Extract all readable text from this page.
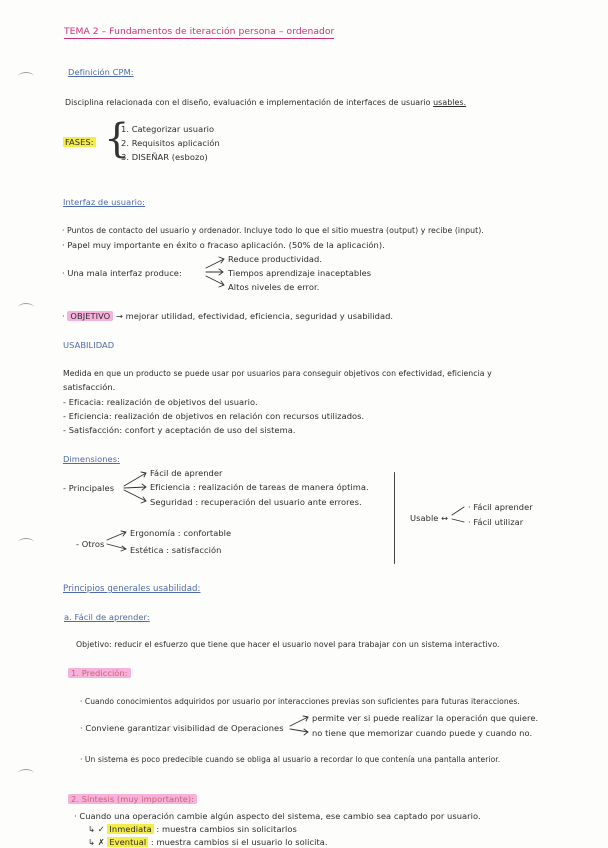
TEMA 2 – Fundamentos de iteracción persona – ordenador
Definición CPM:
Disciplina relacionada con el diseño, evaluación e implementación de interfaces de usuario usables.
FASES: {
1. Categorizar usuario
2. Requisitos aplicación
3. DISEÑAR (esbozo)
Interfaz de usuario:
· Puntos de contacto del usuario y ordenador. Incluye todo lo que el sitio muestra (output) y recibe (input).
· Papel muy importante en éxito o fracaso aplicación. (50% de la aplicación).
· Una mala interfaz produce:
Reduce productividad.
Tiempos aprendizaje inaceptables
Altos niveles de error.
· OBJETIVO → mejorar utilidad, efectividad, eficiencia, seguridad y usabilidad.
USABILIDAD
Medida en que un producto se puede usar por usuarios para conseguir objetivos con efectividad, eficiencia y
satisfacción.
- Eficacia: realización de objetivos del usuario.
- Eficiencia: realización de objetivos en relación con recursos utilizados.
- Satisfacción: confort y aceptación de uso del sistema.
Dimensiones:
- Principales
Fácil de aprender
Eficiencia : realización de tareas de manera óptima.
Seguridad : recuperación del usuario ante errores.
- Otros
Ergonomía : confortable
Estética : satisfacción
Usable ↔
· Fácil aprender
· Fácil utilizar
Principios generales usabilidad:
a. Fácil de aprender:
Objetivo: reducir el esfuerzo que tiene que hacer el usuario novel para trabajar con un sistema interactivo.
1. Predicción:
· Cuando conocimientos adquiridos por usuario por interacciones previas son suficientes para futuras iteracciones.
· Conviene garantizar visibilidad de Operaciones
permite ver si puede realizar la operación que quiere.
no tiene que memorizar cuando puede y cuando no.
· Un sistema es poco predecible cuando se obliga al usuario a recordar lo que contenía una pantalla anterior.
2. Síntesis (muy importante):
· Cuando una operación cambie algún aspecto del sistema, ese cambio sea captado por usuario.
↳ ✓ Inmediata : muestra cambios sin solicitarlos
↳ ✗ Eventual : muestra cambios si el usuario lo solicita.
